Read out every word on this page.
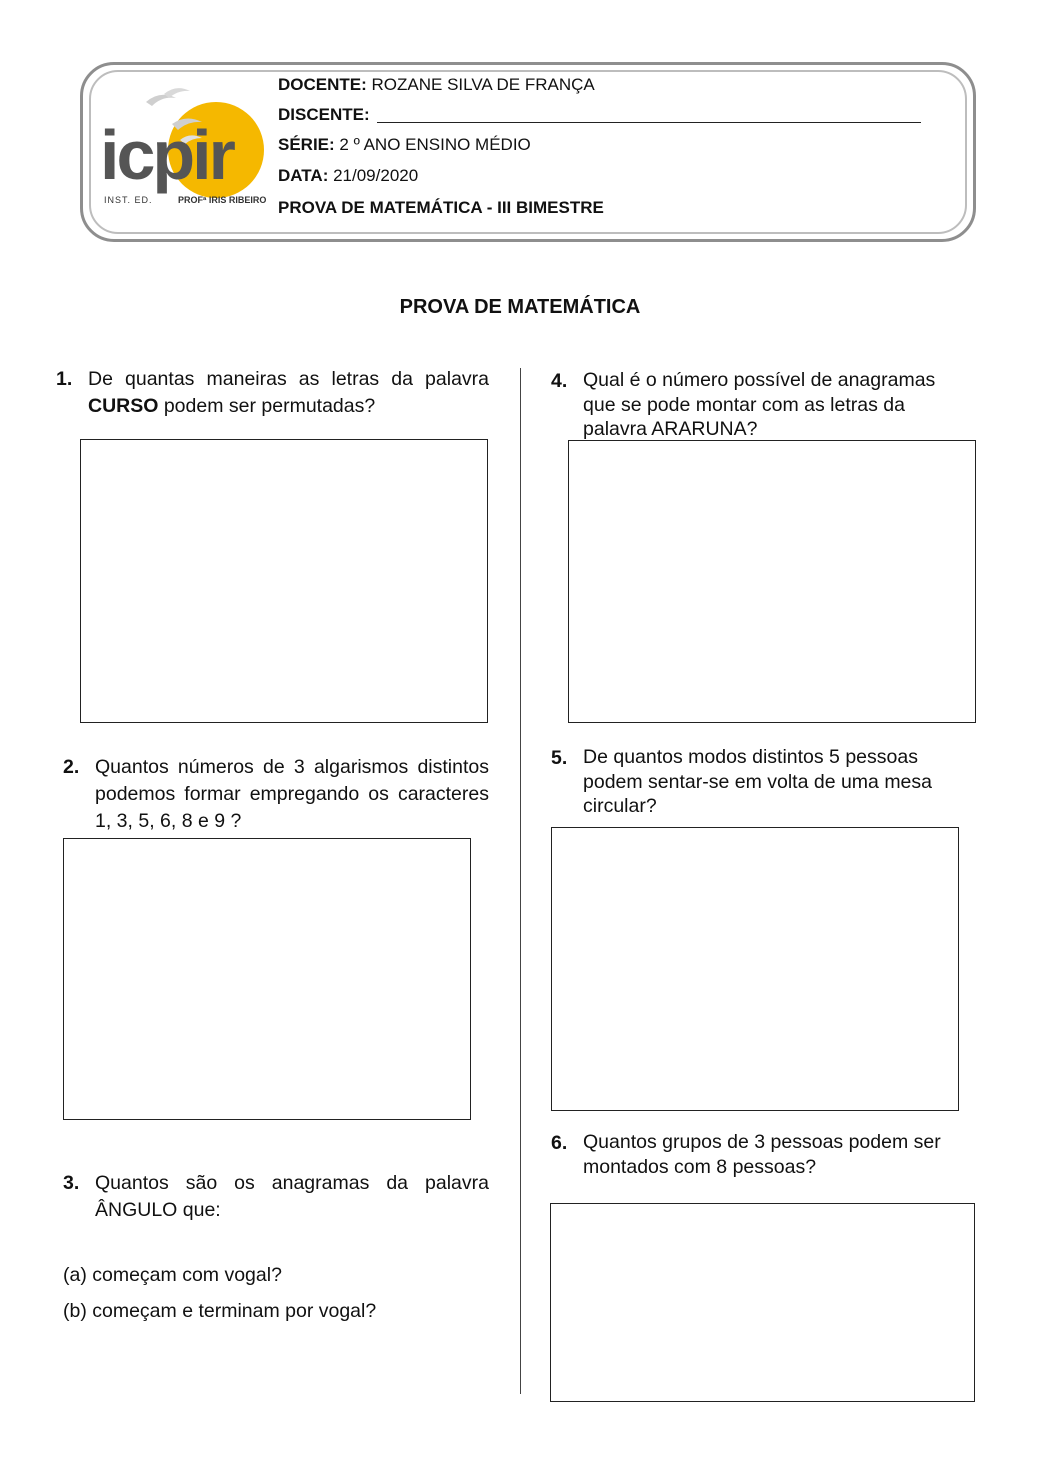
icpir
INST. ED.	PROFª IRIS RIBEIRO
DOCENTE: ROZANE SILVA DE FRANÇA
DISCENTE:
SÉRIE: 2 º ANO ENSINO MÉDIO
DATA: 21/09/2020
PROVA DE MATEMÁTICA - III BIMESTRE
PROVA DE MATEMÁTICA
1. De quantas maneiras as letras da palavra CURSO podem ser permutadas?
2. Quantos números de 3 algarismos distintos podemos formar empregando os caracteres 1, 3, 5, 6, 8 e 9 ?
3. Quantos são os anagramas da palavra ÂNGULO que:
(a) começam com vogal?
(b) começam e terminam por vogal?
4. Qual é o número possível de anagramas que se pode montar com as letras da palavra ARARUNA?
5. De quantos modos distintos 5 pessoas podem sentar-se em volta de uma mesa circular?
6. Quantos grupos de 3 pessoas podem ser montados com 8 pessoas?
